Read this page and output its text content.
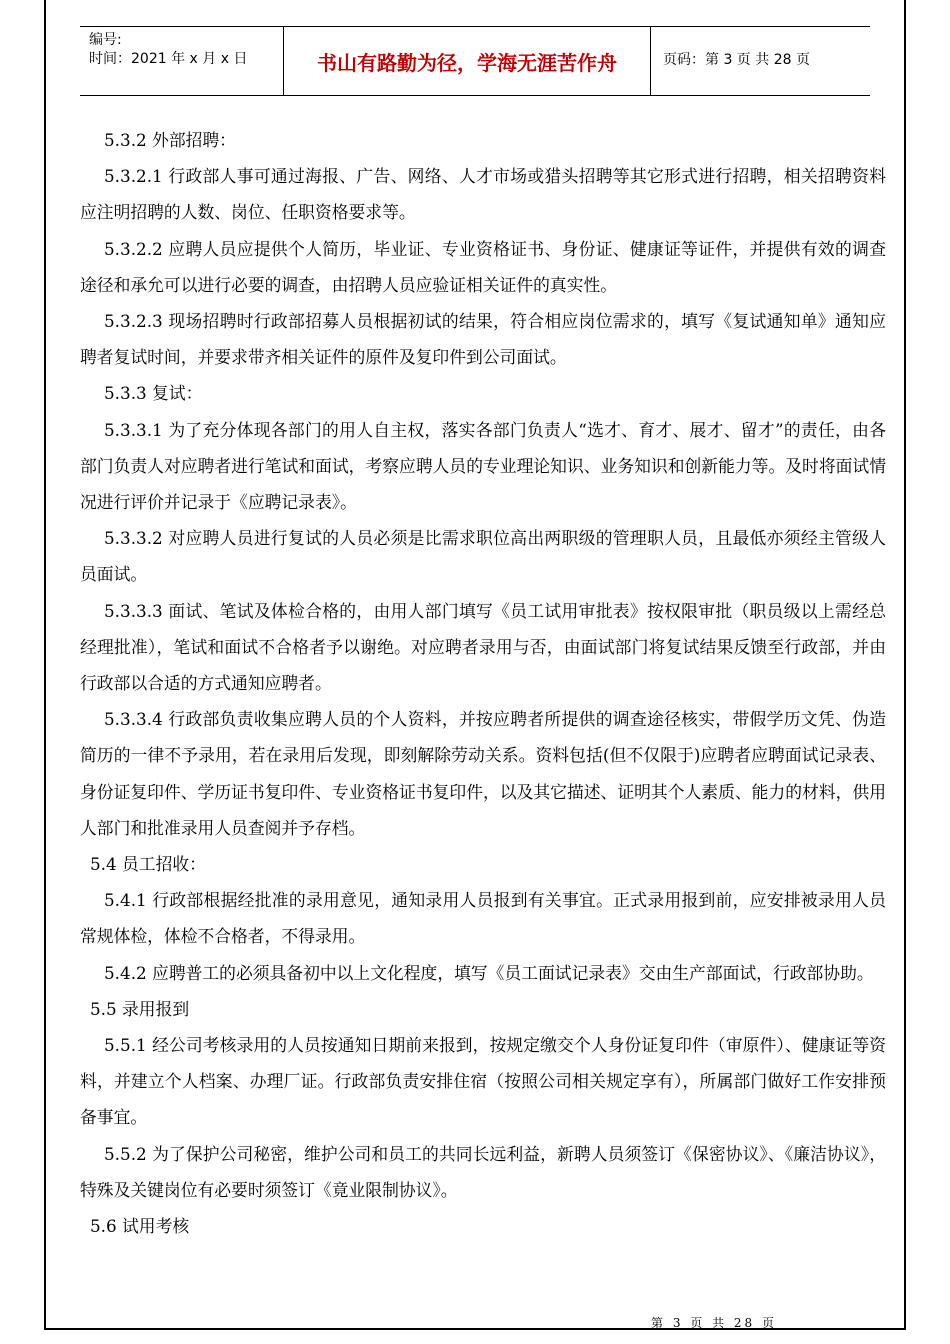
编号:
时间：2021 年 x 月 x 日	书山有路勤为径，学海无涯苦作舟	页码：第 3 页 共 28 页

5.3.2 外部招聘：

5.3.2.1 行政部人事可通过海报、广告、网络、人才市场或猎头招聘等其它形式进行招聘，相关招聘资料应注明招聘的人数、岗位、任职资格要求等。

5.3.2.2 应聘人员应提供个人简历，毕业证、专业资格证书、身份证、健康证等证件，并提供有效的调查途径和承允可以进行必要的调查，由招聘人员应验证相关证件的真实性。

5.3.2.3 现场招聘时行政部招募人员根据初试的结果，符合相应岗位需求的，填写《复试通知单》通知应聘者复试时间，并要求带齐相关证件的原件及复印件到公司面试。

5.3.3 复试：

5.3.3.1 为了充分体现各部门的用人自主权，落实各部门负责人“选才、育才、展才、留才”的责任，由各部门负责人对应聘者进行笔试和面试，考察应聘人员的专业理论知识、业务知识和创新能力等。及时将面试情况进行评价并记录于《应聘记录表》。

5.3.3.2 对应聘人员进行复试的人员必须是比需求职位高出两职级的管理职人员，且最低亦须经主管级人员面试。

5.3.3.3 面试、笔试及体检合格的，由用人部门填写《员工试用审批表》按权限审批（职员级以上需经总经理批准），笔试和面试不合格者予以谢绝。对应聘者录用与否，由面试部门将复试结果反馈至行政部，并由行政部以合适的方式通知应聘者。

5.3.3.4 行政部负责收集应聘人员的个人资料，并按应聘者所提供的调查途径核实，带假学历文凭、伪造简历的一律不予录用，若在录用后发现，即刻解除劳动关系。资料包括(但不仅限于)应聘者应聘面试记录表、身份证复印件、学历证书复印件、专业资格证书复印件，以及其它描述、证明其个人素质、能力的材料，供用人部门和批准录用人员查阅并予存档。

5.4 员工招收：

5.4.1 行政部根据经批准的录用意见，通知录用人员报到有关事宜。正式录用报到前，应安排被录用人员常规体检，体检不合格者，不得录用。

5.4.2 应聘普工的必须具备初中以上文化程度，填写《员工面试记录表》交由生产部面试，行政部协助。

5.5 录用报到

5.5.1 经公司考核录用的人员按通知日期前来报到，按规定缴交个人身份证复印件（审原件）、健康证等资料，并建立个人档案、办理厂证。行政部负责安排住宿（按照公司相关规定享有），所属部门做好工作安排预备事宜。

5.5.2 为了保护公司秘密，维护公司和员工的共同长远利益，新聘人员须签订《保密协议》、《廉洁协议》，特殊及关键岗位有必要时须签订《竟业限制协议》。

5.6 试用考核

第 3 页 共 28 页
